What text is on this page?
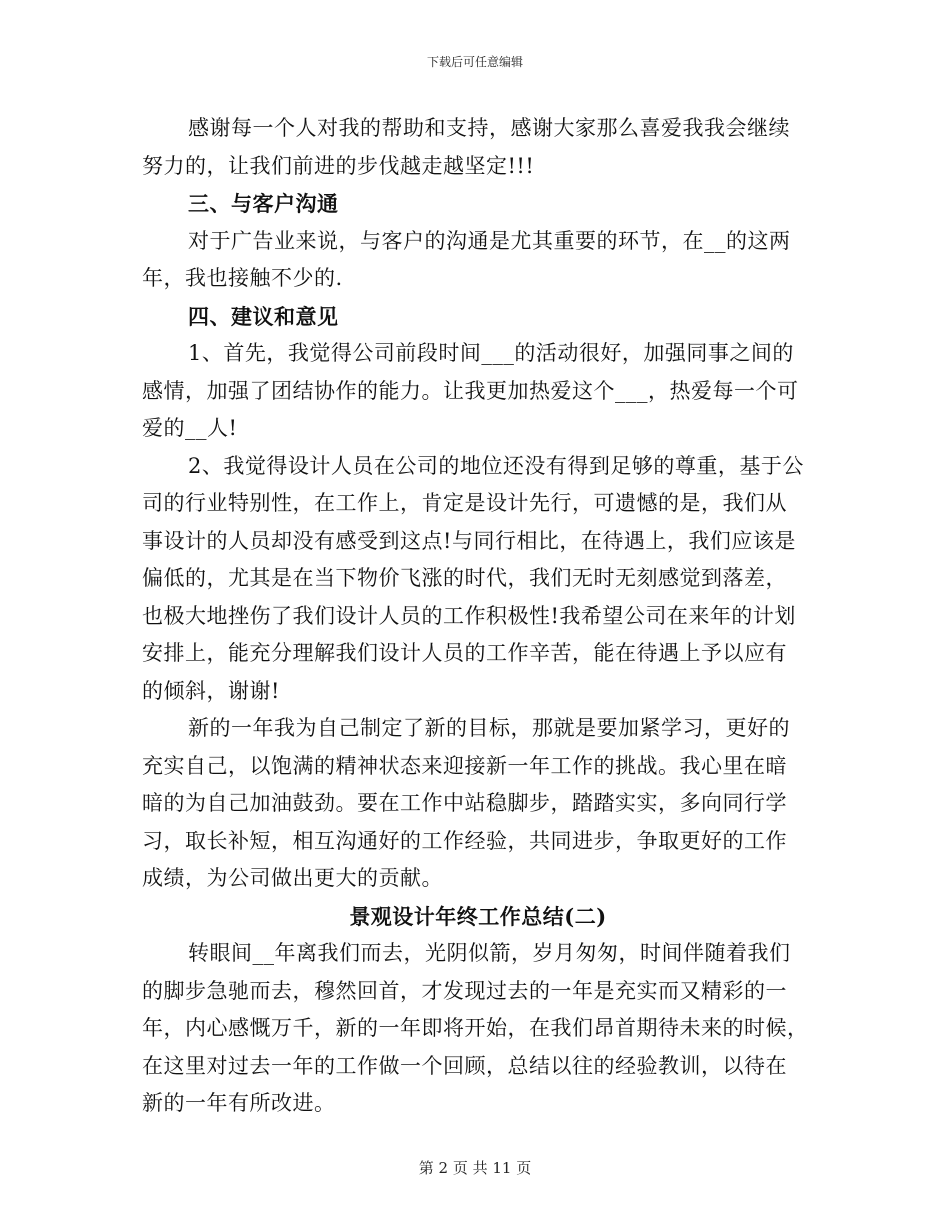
下载后可任意编辑
感谢每一个人对我的帮助和支持，感谢大家那么喜爱我我会继续
努力的，让我们前进的步伐越走越坚定!!!
三、与客户沟通
对于广告业来说，与客户的沟通是尤其重要的环节，在__的这两
年，我也接触不少的.
四、建议和意见
1、首先，我觉得公司前段时间___的活动很好，加强同事之间的
感情，加强了团结协作的能力。让我更加热爱这个___，热爱每一个可
爱的__人!
2、我觉得设计人员在公司的地位还没有得到足够的尊重，基于公
司的行业特别性，在工作上，肯定是设计先行，可遗憾的是，我们从
事设计的人员却没有感受到这点!与同行相比，在待遇上，我们应该是
偏低的，尤其是在当下物价飞涨的时代，我们无时无刻感觉到落差，
也极大地挫伤了我们设计人员的工作积极性!我希望公司在来年的计划
安排上，能充分理解我们设计人员的工作辛苦，能在待遇上予以应有
的倾斜，谢谢!
新的一年我为自己制定了新的目标，那就是要加紧学习，更好的
充实自己，以饱满的精神状态来迎接新一年工作的挑战。我心里在暗
暗的为自己加油鼓劲。要在工作中站稳脚步，踏踏实实，多向同行学
习，取长补短，相互沟通好的工作经验，共同进步，争取更好的工作
成绩，为公司做出更大的贡献。
景观设计年终工作总结(二)
转眼间__年离我们而去，光阴似箭，岁月匆匆，时间伴随着我们
的脚步急驰而去，穆然回首，才发现过去的一年是充实而又精彩的一
年，内心感慨万千，新的一年即将开始，在我们昂首期待未来的时候，
在这里对过去一年的工作做一个回顾，总结以往的经验教训，以待在
新的一年有所改进。
第 2 页 共 11 页
